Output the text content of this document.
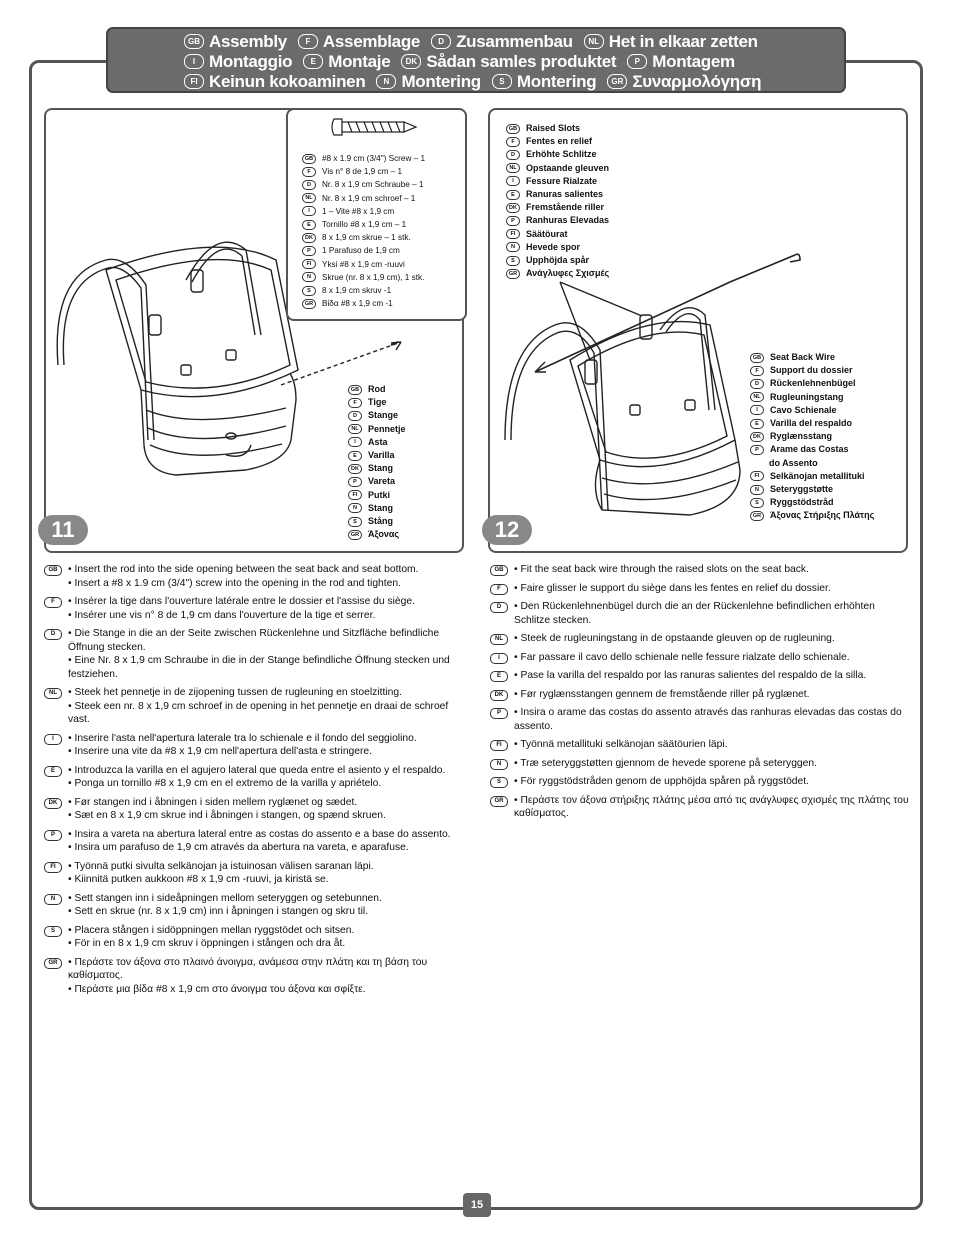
GB Assembly	F Assemblage	D Zusammenbau	NL Het in elkaar zetten
I Montaggio	E Montaje	DK Sådan samles produktet	P Montagem
FI Keinun kokoaminen	N Montering	S Montering	GR Συναρμολόγηση
GB Rod
F	Tige
D	Stange
NL	Pennetje
I	Asta
E	Varilla
DK	Stang
P	Vareta
FI	Putki
N	Stang
S	Stång
GR Άξονας
11
GB	#8 x 1.9 cm (3/4") Screw – 1
F	Vis n° 8 de 1,9 cm – 1
D	Nr. 8 x 1,9 cm Schraube – 1
NL	Nr. 8 x 1,9 cm schroef – 1
I	1 – Vite #8 x 1,9 cm
E	Tornillo #8 x 1,9 cm – 1
DK	8 x 1,9 cm skrue – 1 stk.
P	1 Parafuso de 1,9 cm
FI	Yksi #8 x 1,9 cm -ruuvi
N	Skrue (nr. 8 x 1,9 cm), 1 stk.
S	8 x 1,9 cm skruv -1
GR	Βίδα #8 x 1,9 cm -1
GB Raised Slots
F	Fentes en relief
D	Erhöhte Schlitze
NL	Opstaande gleuven
I	Fessure Rialzate
E	Ranuras salientes
DK	Fremstående riller
P	Ranhuras Elevadas
FI	Säätöurat
N	Hevede spor
S	Upphöjda spår
GR Ανάγλυφες Σχισμές
GB Seat Back Wire
F	Support du dossier
D	Rückenlehnenbügel
NL	Rugleuningstang
I	Cavo Schienale
E	Varilla del respaldo
DK	Ryglænsstang
P	Arame das Costas
do Assento
FI	Selkänojan metallituki
N	Seteryggstøtte
S	Ryggstödstråd
GR Άξονας Στήριξης Πλάτης
12
GB	• Insert the rod into the side opening between the seat back and seat bottom.
• Insert a #8 x 1.9 cm (3/4") screw into the opening in the rod and tighten.
F	• Insérer la tige dans l'ouverture latérale entre le dossier et l'assise du siège.
• Insérer une vis n° 8 de 1,9 cm dans l'ouverture de la tige et serrer.
D	• Die Stange in die an der Seite zwischen Rückenlehne und Sitzfläche befindliche Öffnung stecken.
• Eine Nr. 8 x 1,9 cm Schraube in die in der Stange befindliche Öffnung stecken und festziehen.
NL	• Steek het pennetje in de zijopening tussen de rugleuning en stoelzitting.
• Steek een nr. 8 x 1,9 cm schroef in de opening in het pennetje en draai de schroef vast.
I	• Inserire l'asta nell'apertura laterale tra lo schienale e il fondo del seggiolino.
• Inserire una vite da #8 x 1,9 cm nell'apertura dell'asta e stringere.
E	• Introduzca la varilla en el agujero lateral que queda entre el asiento y el respaldo.
• Ponga un tornillo #8 x 1,9 cm en el extremo de la varilla y apriételo.
DK	• Før stangen ind i åbningen i siden mellem ryglænet og sædet.
• Sæt en 8 x 1,9 cm skrue ind i åbningen i stangen, og spænd skruen.
P	• Insira a vareta na abertura lateral entre as costas do assento e a base do assento.
• Insira um parafuso de 1,9 cm através da abertura na vareta, e aparafuse.
FI	• Työnnä putki sivulta selkänojan ja istuinosan välisen saranan läpi.
• Kiinnitä putken aukkoon #8 x 1,9 cm -ruuvi, ja kiristä se.
N	• Sett stangen inn i sideåpningen mellom seteryggen og setebunnen.
• Sett en skrue (nr. 8 x 1,9 cm) inn i åpningen i stangen og skru til.
S	• Placera stången i sidöppningen mellan ryggstödet och sitsen.
• För in en 8 x 1,9 cm skruv i öppningen i stången och dra åt.
GR	• Περάστε τον άξονα στο πλαινό άνοιγμα, ανάμεσα στην πλάτη και τη βάση του καθίσματος.
• Περάστε μια βίδα #8 x 1,9 cm στο άνοιγμα του άξονα και σφίξτε.
GB	• Fit the seat back wire through the raised slots on the seat back.
F	• Faire glisser le support du siège dans les fentes en relief du dossier.
D	• Den Rückenlehnenbügel durch die an der Rückenlehne befindlichen erhöhten Schlitze stecken.
NL	• Steek de rugleuningstang in de opstaande gleuven op de rugleuning.
I	• Far passare il cavo dello schienale nelle fessure rialzate dello schienale.
E	• Pase la varilla del respaldo por las ranuras salientes del respaldo de la silla.
DK	• Før ryglænsstangen gennem de fremstående riller på ryglænet.
P	• Insira o arame das costas do assento através das ranhuras elevadas das costas do assento.
FI	• Työnnä metallituki selkänojan säätöurien läpi.
N	• Træ seteryggstøtten gjennom de hevede sporene på seteryggen.
S	• För ryggstödstråden genom de upphöjda spåren på ryggstödet.
GR	• Περάστε τον άξονα στήριξης πλάτης μέσα από τις ανάγλυφες σχισμές της πλάτης του καθίσματος.
15
